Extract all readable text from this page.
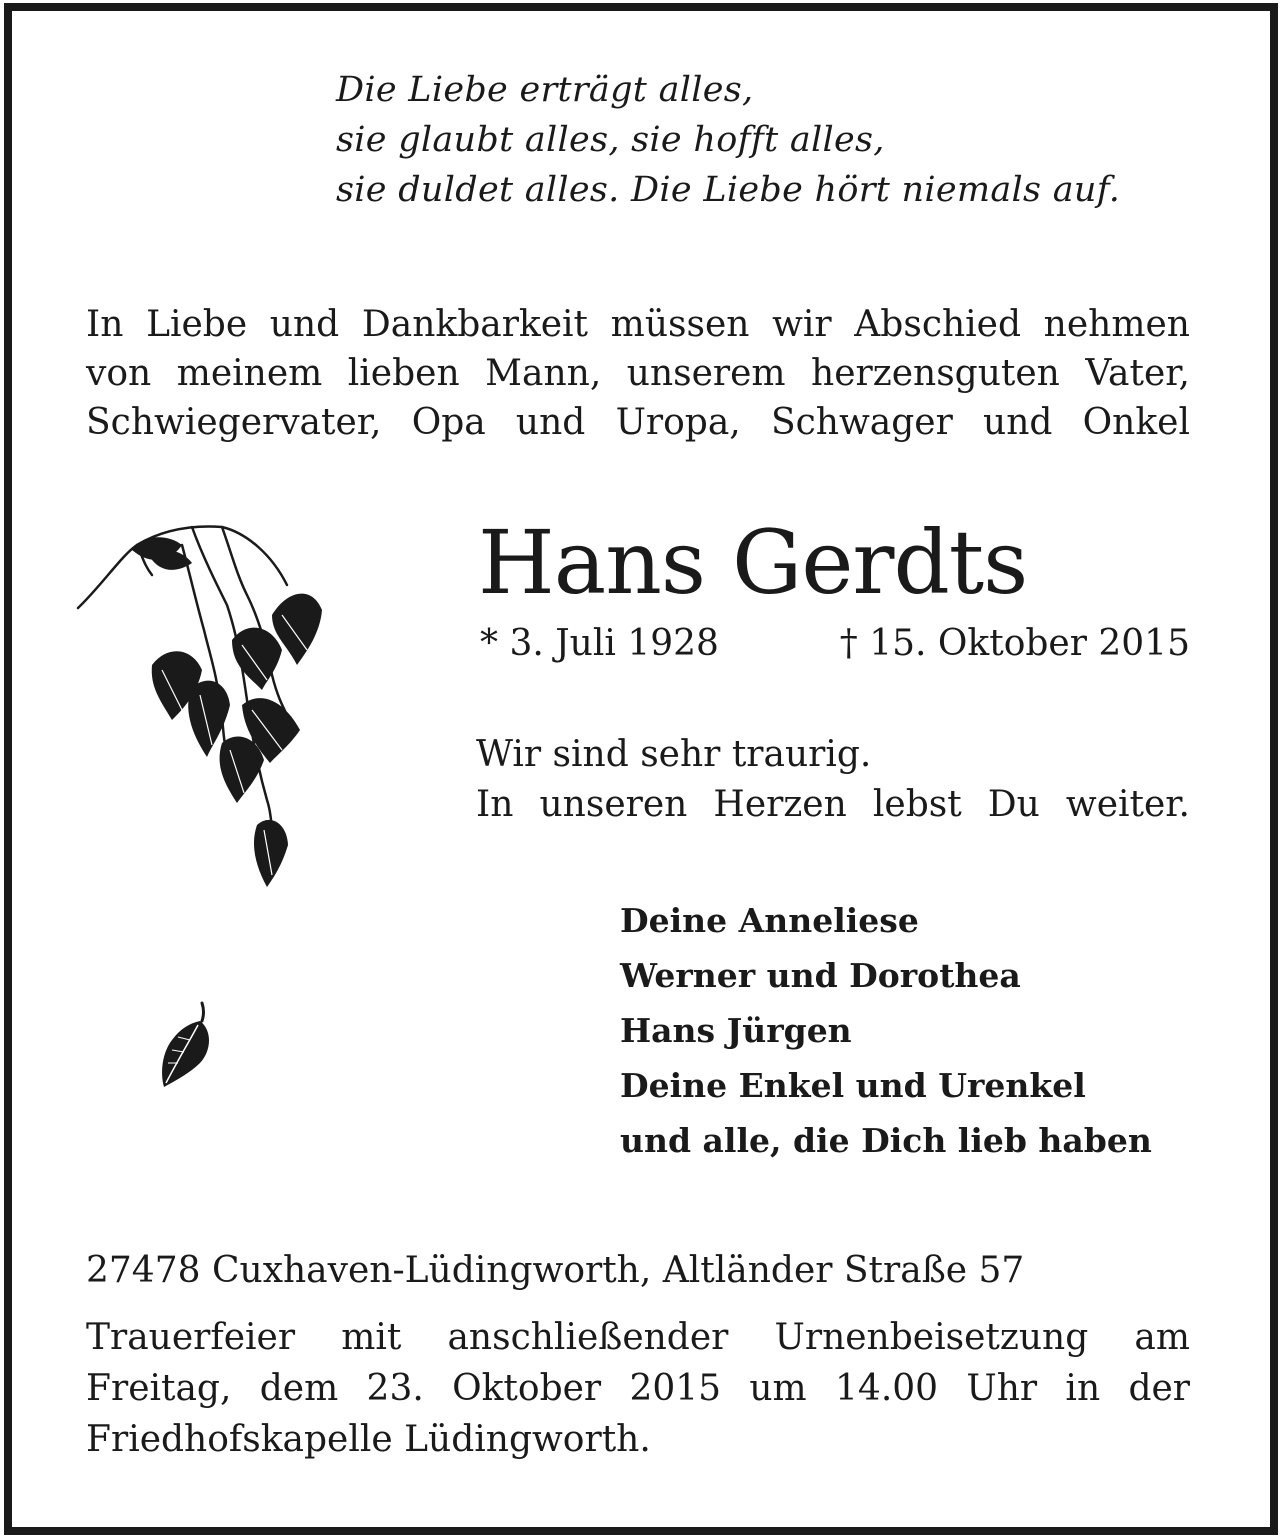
Die Liebe erträgt alles,
sie glaubt alles, sie hofft alles,
sie duldet alles. Die Liebe hört niemals auf.
In Liebe und Dankbarkeit müssen wir Abschied nehmen
von meinem lieben Mann, unserem herzensguten Vater,
Schwiegervater, Opa und Uropa, Schwager und Onkel
Hans Gerdts
* 3. Juli 1928	† 15. Oktober 2015
Wir sind sehr traurig.
In unseren Herzen lebst Du weiter.
Deine Anneliese
Werner und Dorothea
Hans Jürgen
Deine Enkel und Urenkel
und alle, die Dich lieb haben
27478 Cuxhaven-Lüdingworth, Altländer Straße 57
Trauerfeier mit anschließender Urnenbeisetzung am
Freitag, dem 23. Oktober 2015 um 14.00 Uhr in der
Friedhofskapelle Lüdingworth.
